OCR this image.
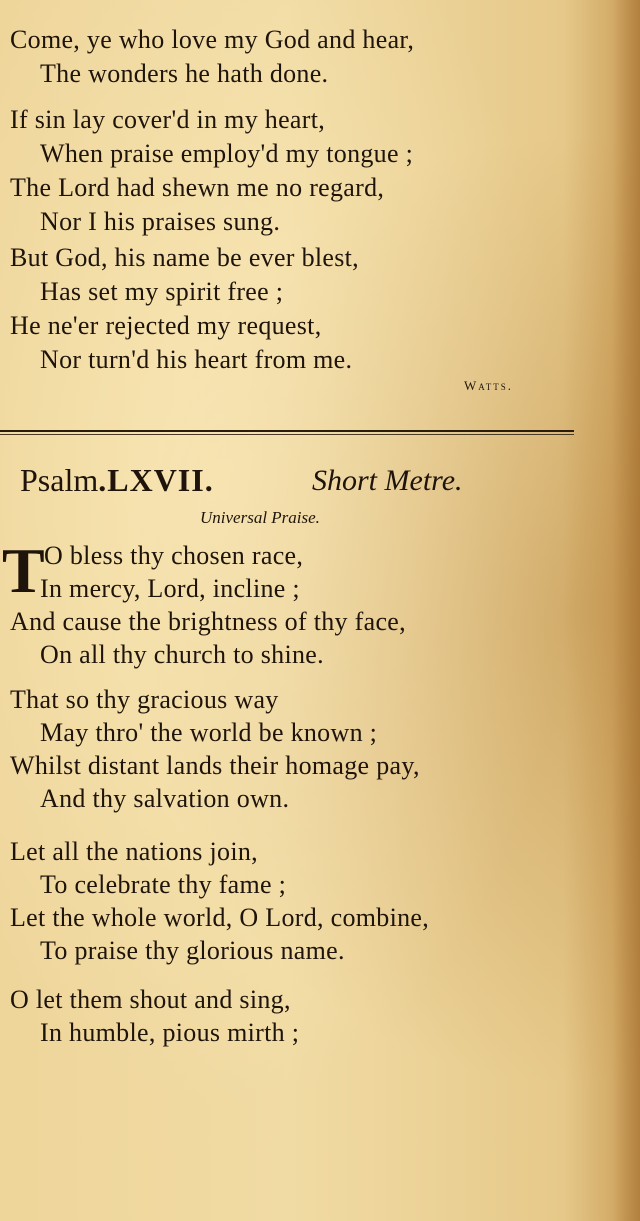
Come, ye who love my God and hear,
The wonders he hath done.
If sin lay cover'd in my heart,
When praise employ'd my tongue ;
The Lord had shewn me no regard,
Nor I his praises sung.
But God, his name be ever blest,
Has set my spirit free ;
He ne'er rejected my request,
Nor turn'd his heart from me.
Watts.
Psalm.LXVII.	Short Metre.
Universal Praise.
T O bless thy chosen race,
In mercy, Lord, incline ;
And cause the brightness of thy face,
On all thy church to shine.
That so thy gracious way
May thro' the world be known ;
Whilst distant lands their homage pay,
And thy salvation own.
Let all the nations join,
To celebrate thy fame ;
Let the whole world, O Lord, combine,
To praise thy glorious name.
O let them shout and sing,
In humble, pious mirth ;
